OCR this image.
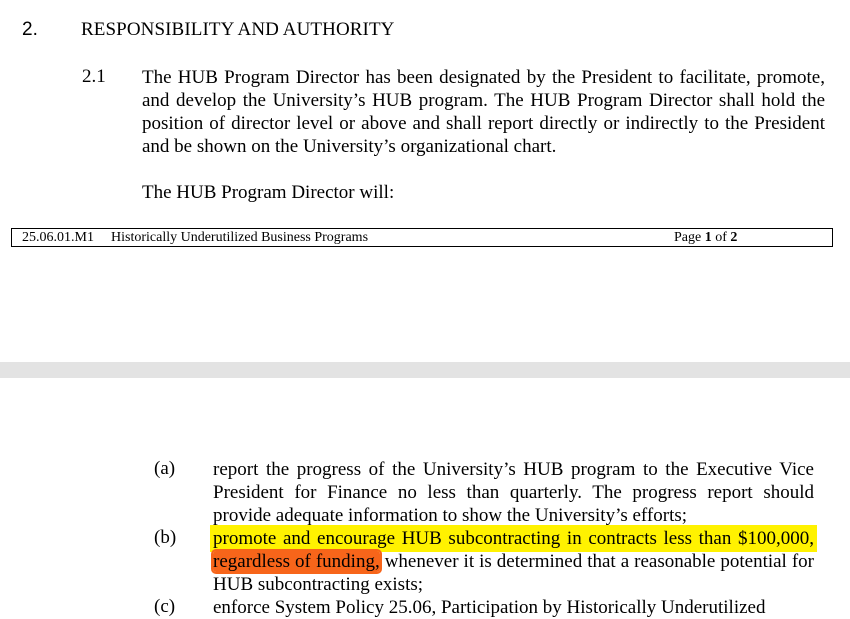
2. RESPONSIBILITY AND AUTHORITY
2.1 The HUB Program Director has been designated by the President to facilitate, promote, and develop the University’s HUB program. The HUB Program Director shall hold the position of director level or above and shall report directly or indirectly to the President and be shown on the University’s organizational chart.
The HUB Program Director will:
25.06.01.M1 Historically Underutilized Business Programs	Page 1 of 2
(a) report the progress of the University’s HUB program to the Executive Vice President for Finance no less than quarterly. The progress report should provide adequate information to show the University’s efforts;
(b) promote and encourage HUB subcontracting in contracts less than $100,000, regardless of funding, whenever it is determined that a reasonable potential for HUB subcontracting exists;
(c) enforce System Policy 25.06, Participation by Historically Underutilized
